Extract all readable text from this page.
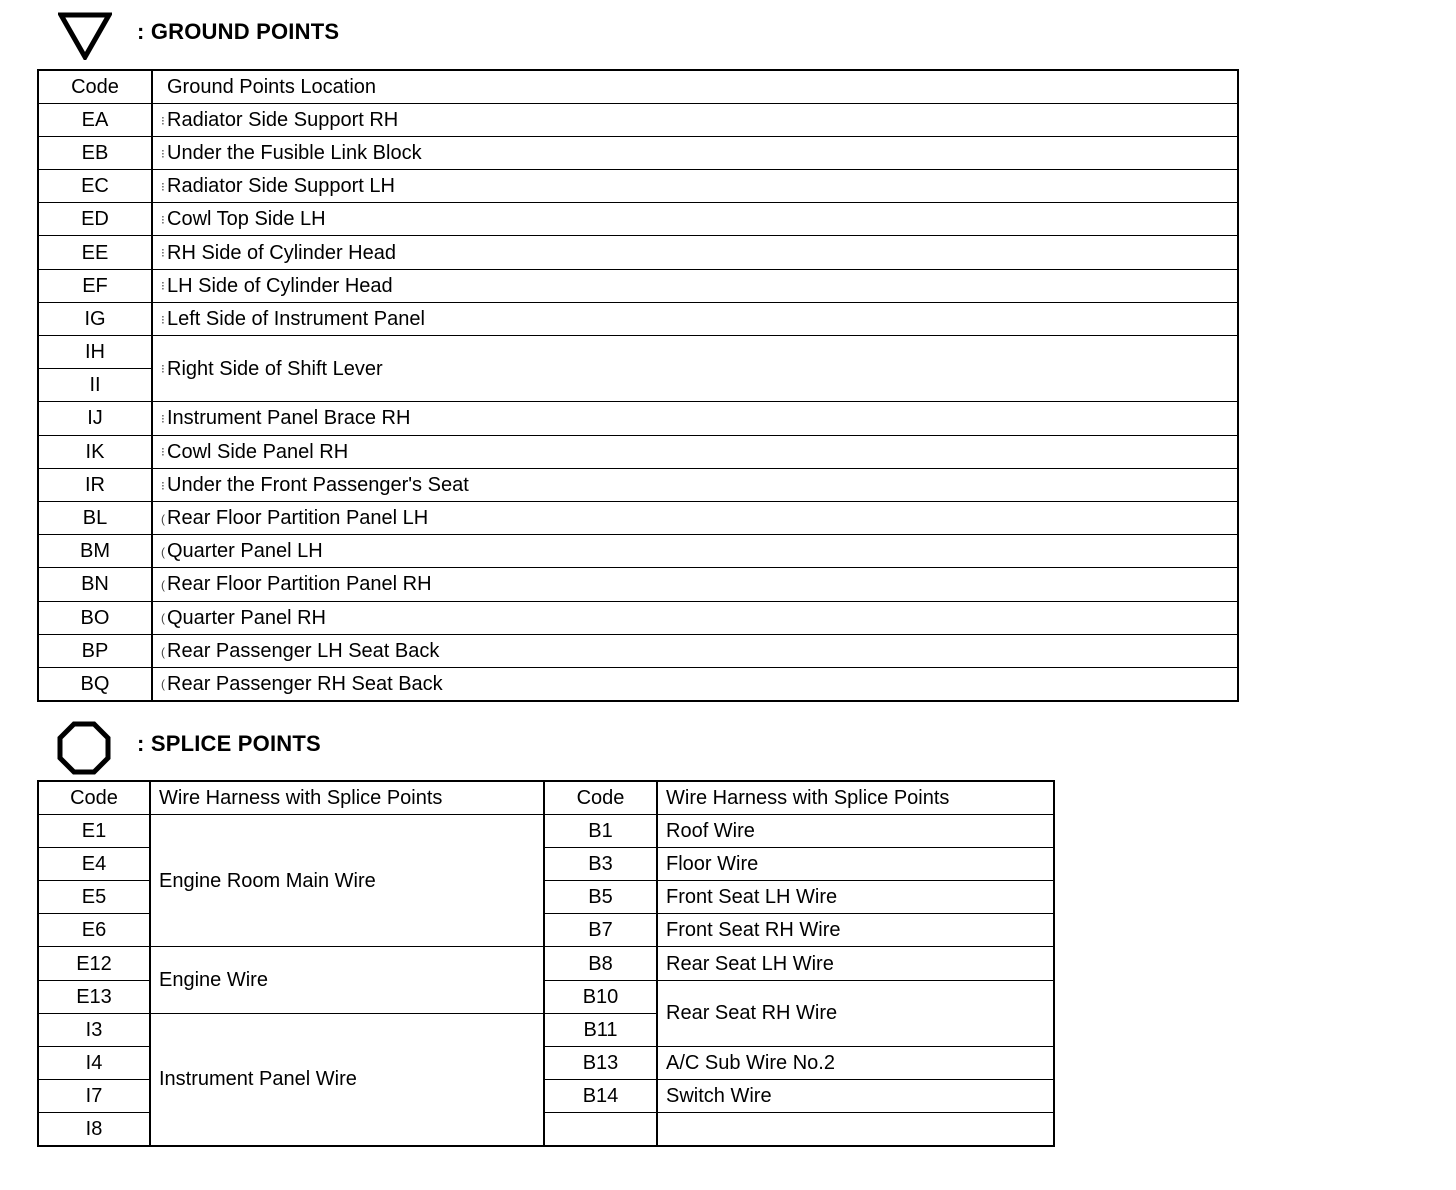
: GROUND POINTS
Code	Ground Points Location
EA	⁝ Radiator Side Support RH
EB	⁝ Under the Fusible Link Block
EC	⁝ Radiator Side Support LH
ED	⁝ Cowl Top Side LH
EE	⁝ RH Side of Cylinder Head
EF	⁝ LH Side of Cylinder Head
IG	⁝ Left Side of Instrument Panel
IH	⁝ Right Side of Shift Lever
II	
IJ	⁝ Instrument Panel Brace RH
IK	⁝ Cowl Side Panel RH
IR	⁝ Under the Front Passenger's Seat
BL	( Rear Floor Partition Panel LH
BM	( Quarter Panel LH
BN	( Rear Floor Partition Panel RH
BO	( Quarter Panel RH
BP	( Rear Passenger LH Seat Back
BQ	( Rear Passenger RH Seat Back
: SPLICE POINTS
Code	Wire Harness with Splice Points	Code	Wire Harness with Splice Points
E1	Engine Room Main Wire	B1	Roof Wire
E4		B3	Floor Wire
E5		B5	Front Seat LH Wire
E6		B7	Front Seat RH Wire
E12	Engine Wire	B8	Rear Seat LH Wire
E13		B10	Rear Seat RH Wire
I3	Instrument Panel Wire	B11	
I4		B13	A/C Sub Wire No.2
I7		B14	Switch Wire
I8			
